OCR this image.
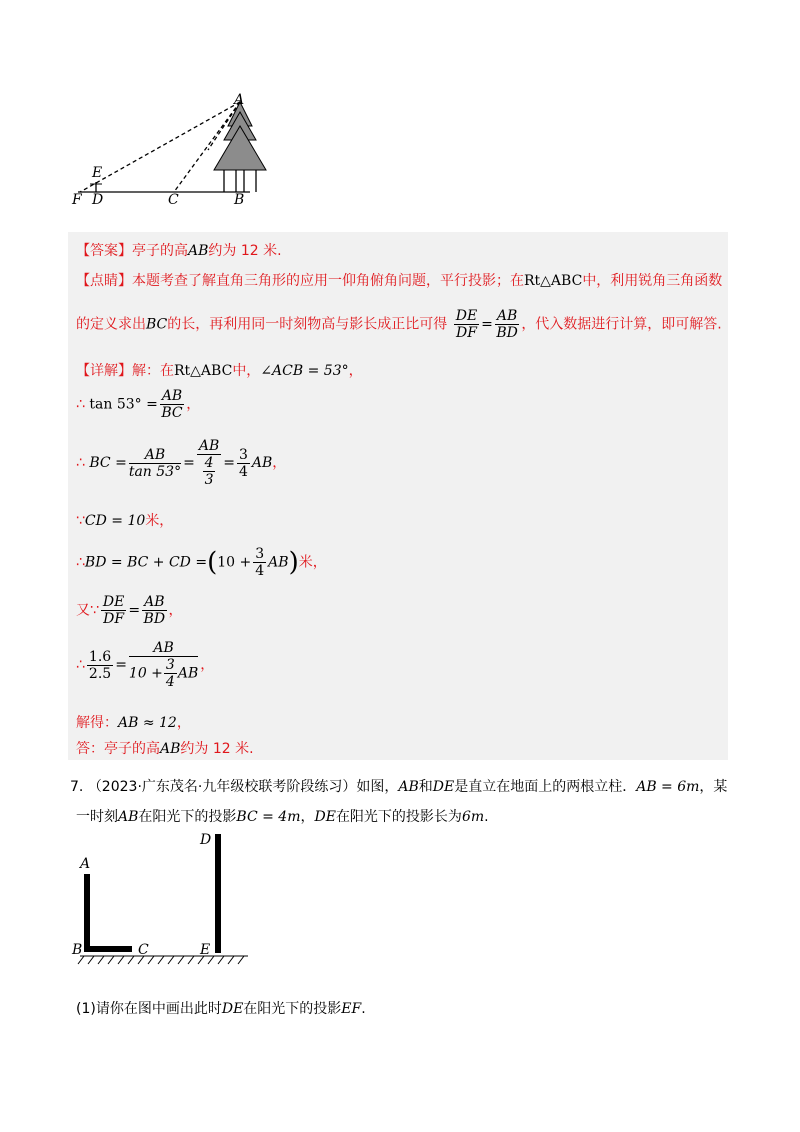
A
E
F D	C	B
【答案】亭子的高AB约为 12 米.
【点睛】本题考查了解直角三角形的应用一仰角俯角问题，平行投影；在Rt△ABC中，利用锐角三角函数
的定义求出BC的长，再利用同一时刻物高与影长成正比可得 $\frac{DE}{DF} = \frac{AB}{BD}$ ，代入数据进行计算，即可解答.
【详解】解：在Rt△ABC中，∠ACB = 53°，
∴ $\tan 53^\circ = \frac{AB}{BC}$ ，
∴ BC = $\frac{AB}{\tan 53^\circ} = \frac{AB}{\frac{4}{3}} = \frac{3}{4}$ AB，
∵CD = 10米，
∴BD = BC + CD $=(10 + \frac{3}{4} AB)$米，
又∵ $\frac{DE}{DF} = \frac{AB}{BD}$ ，
∴ $\frac{1.6}{2.5} = \frac{AB}{10 + \frac{3}{4} AB}$ ，
解得：AB ≈ 12，
答：亭子的高AB约为 12 米.
7. （2023·广东茂名·九年级校联考阶段练习）如图，AB和DE是直立在地面上的两根立柱．AB = 6m，某
一时刻AB在阳光下的投影BC = 4m，DE在阳光下的投影长为6m.
A
B	C
D
E
(1)请你在图中画出此时DE在阳光下的投影EF.
